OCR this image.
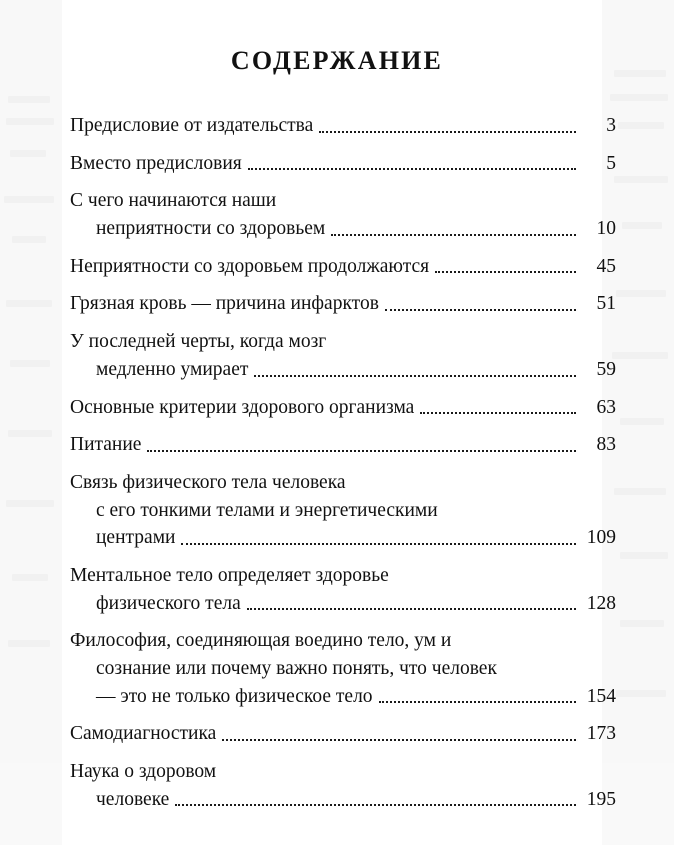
СОДЕРЖАНИЕ
Предисловие от издательства	3
Вместо предисловия	5
С чего начинаются наши
неприятности со здоровьем	10
Неприятности со здоровьем продолжаются	45
Грязная кровь — причина инфарктов	51
У последней черты, когда мозг
медленно умирает	59
Основные критерии здорового организма	63
Питание	83
Связь физического тела человека
с его тонкими телами и энергетическими
центрами	109
Ментальное тело определяет здоровье
физического тела	128
Философия, соединяющая воедино тело, ум и
сознание или почему важно понять, что человек
— это не только физическое тело	154
Самодиагностика	173
Наука о здоровом
человеке	195
